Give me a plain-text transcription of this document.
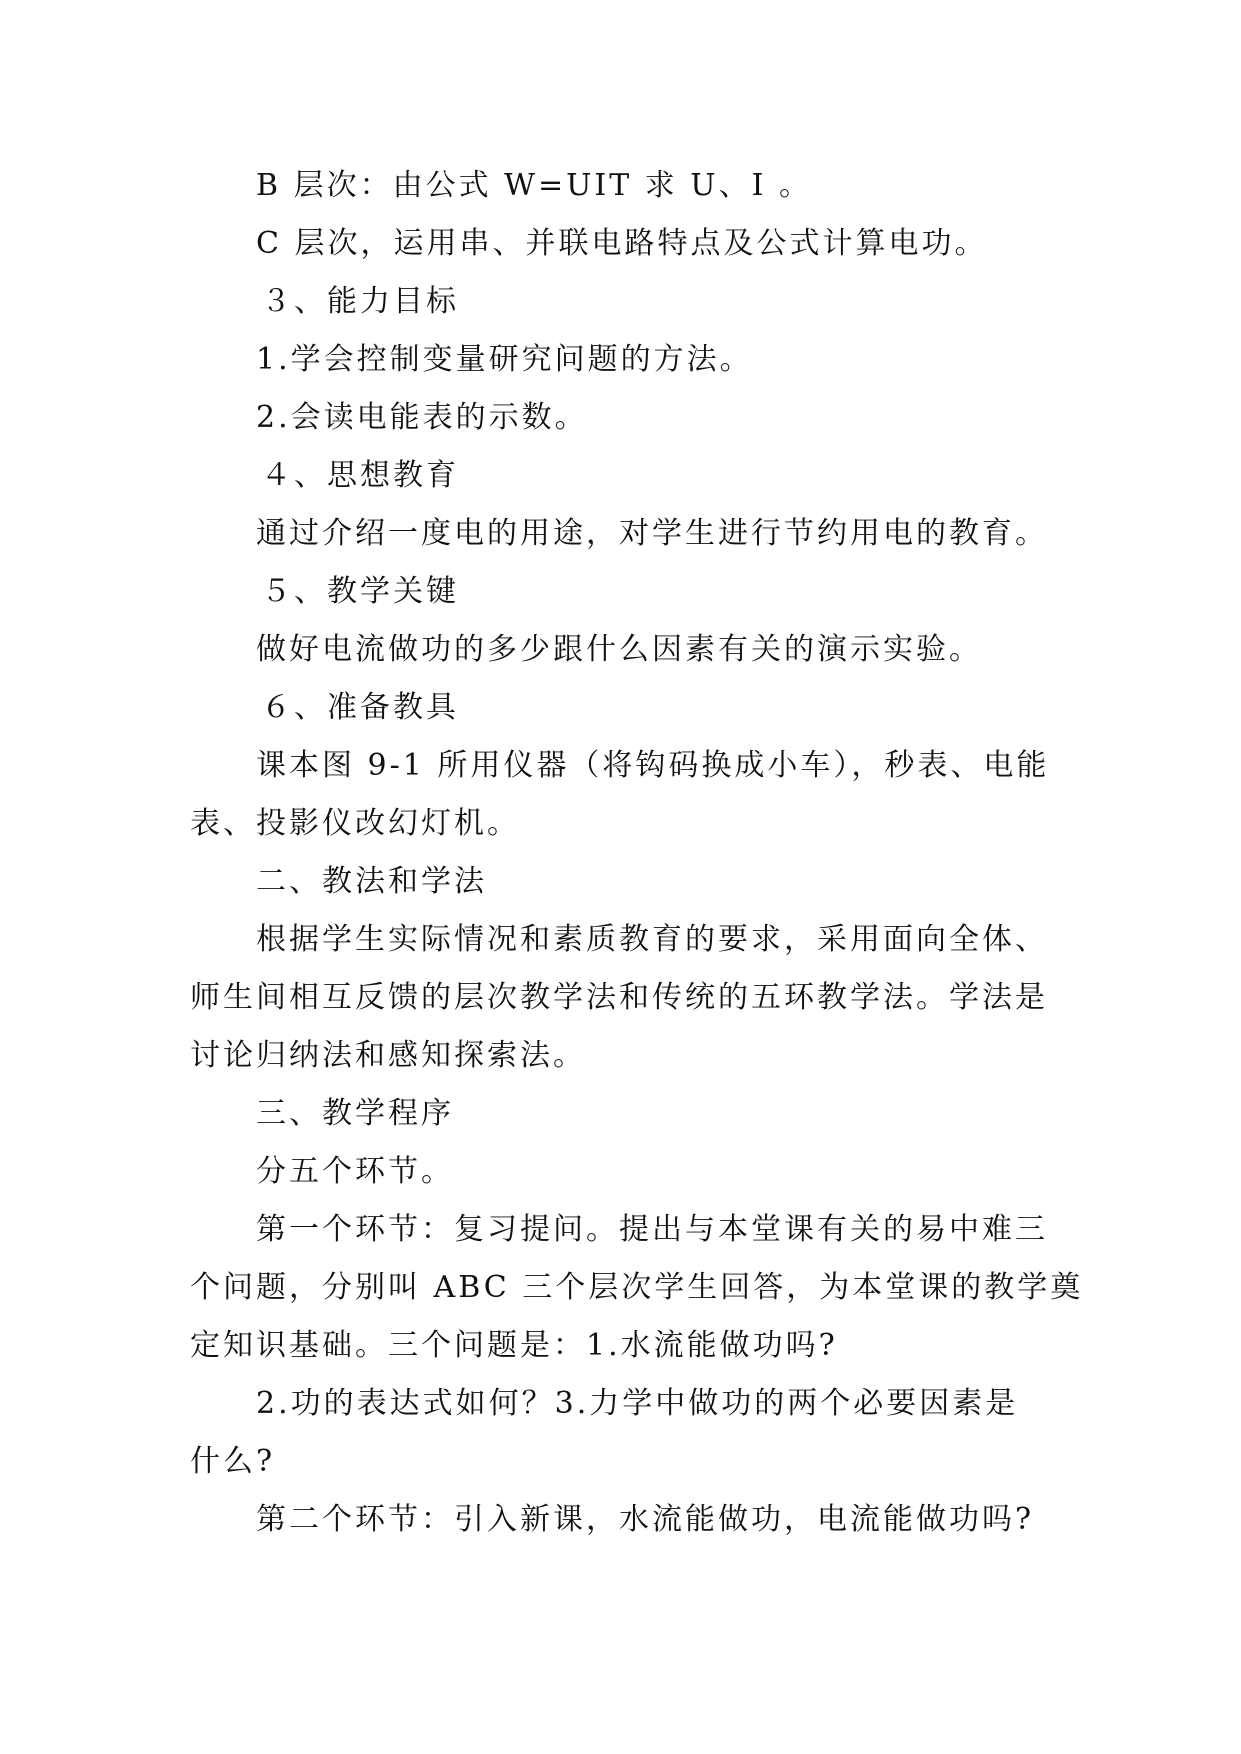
B 层次：由公式 W=UIT 求 U、I 。

C 层次，运用串、并联电路特点及公式计算电功。

３、能力目标

1.学会控制变量研究问题的方法。

2.会读电能表的示数。

４、思想教育

通过介绍一度电的用途，对学生进行节约用电的教育。

５、教学关键

做好电流做功的多少跟什么因素有关的演示实验。

６、准备教具

课本图 9-1 所用仪器（将钩码换成小车），秒表、电能

表、投影仪改幻灯机。

二、教法和学法

根据学生实际情况和素质教育的要求，采用面向全体、

师生间相互反馈的层次教学法和传统的五环教学法。学法是

讨论归纳法和感知探索法。

三、教学程序

分五个环节。

第一个环节：复习提问。提出与本堂课有关的易中难三

个问题，分别叫 ABC 三个层次学生回答，为本堂课的教学奠

定知识基础。三个问题是：1.水流能做功吗?

2.功的表达式如何？3.力学中做功的两个必要因素是

什么?

第二个环节：引入新课，水流能做功，电流能做功吗?
